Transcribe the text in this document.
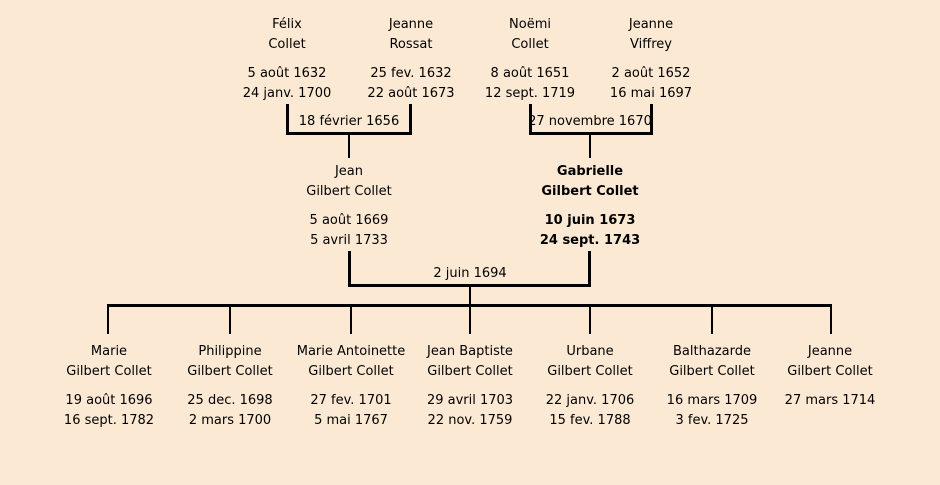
Félix
Collet
5 août 1632
24 janv. 1700
Jeanne
Rossat
25 fev. 1632
22 août 1673
Noëmi
Collet
8 août 1651
12 sept. 1719
Jeanne
Viffrey
2 août 1652
16 mai 1697
18 février 1656	27 novembre 1670
Jean
Gilbert Collet
5 août 1669
5 avril 1733
Gabrielle
Gilbert Collet
10 juin 1673
24 sept. 1743
2 juin 1694
Marie
Gilbert Collet
19 août 1696
16 sept. 1782
Philippine
Gilbert Collet
25 dec. 1698
2 mars 1700
Marie Antoinette
Gilbert Collet
27 fev. 1701
5 mai 1767
Jean Baptiste
Gilbert Collet
29 avril 1703
22 nov. 1759
Urbane
Gilbert Collet
22 janv. 1706
15 fev. 1788
Balthazarde
Gilbert Collet
16 mars 1709
3 fev. 1725
Jeanne
Gilbert Collet
27 mars 1714
